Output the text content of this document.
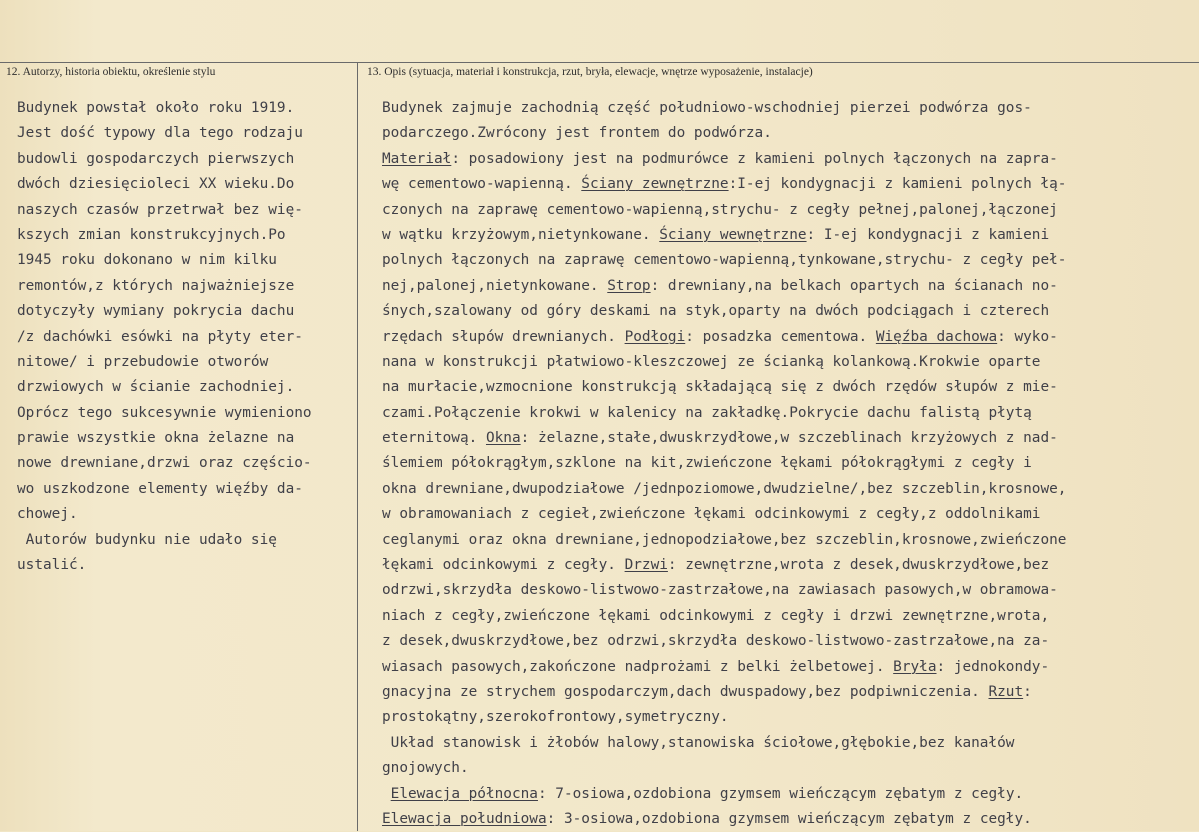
12. Autorzy, historia obiektu, określenie stylu	13. Opis (sytuacja, materiał i konstrukcja, rzut, bryła, elewacje, wnętrze wyposażenie, instalacje)
Budynek powstał około roku 1919.
Jest dość typowy dla tego rodzaju
budowli gospodarczych pierwszych
dwóch dziesięcioleci XX wieku.Do
naszych czasów przetrwał bez wię-
kszych zmian konstrukcyjnych.Po
1945 roku dokonano w nim kilku
remontów,z których najważniejsze
dotyczyły wymiany pokrycia dachu
/z dachówki esówki na płyty eter-
nitowe/ i przebudowie otworów
drzwiowych w ścianie zachodniej.
Oprócz tego sukcesywnie wymieniono
prawie wszystkie okna żelazne na
nowe drewniane,drzwi oraz częścio-
wo uszkodzone elementy więźby da-
chowej.
Autorów budynku nie udało się
ustalić.
Budynek zajmuje zachodnią część południowo-wschodniej pierzei podwórza gos-
podarczego.Zwrócony jest frontem do podwórza.
Materiał: posadowiony jest na podmurówce z kamieni polnych łączonych na zapra-
wę cementowo-wapienną. Ściany zewnętrzne:I-ej kondygnacji z kamieni polnych łą-
czonych na zaprawę cementowo-wapienną,strychu- z cegły pełnej,palonej,łączonej
w wątku krzyżowym,nietynkowane. Ściany wewnętrzne: I-ej kondygnacji z kamieni
polnych łączonych na zaprawę cementowo-wapienną,tynkowane,strychu- z cegły peł-
nej,palonej,nietynkowane. Strop: drewniany,na belkach opartych na ścianach no-
śnych,szalowany od góry deskami na styk,oparty na dwóch podciągach i czterech
rzędach słupów drewnianych. Podłogi: posadzka cementowa. Więźba dachowa: wyko-
nana w konstrukcji płatwiowo-kleszczowej ze ścianką kolankową.Krokwie oparte
na murłacie,wzmocnione konstrukcją składającą się z dwóch rzędów słupów z mie-
czami.Połączenie krokwi w kalenicy na zakładkę.Pokrycie dachu falistą płytą
eternitową. Okna: żelazne,stałe,dwuskrzydłowe,w szczeblinach krzyżowych z nad-
ślemiem półokrągłym,szklone na kit,zwieńczone łękami półokrągłymi z cegły i
okna drewniane,dwupodziałowe /jednpoziomowe,dwudzielne/,bez szczeblin,krosnowe,
w obramowaniach z cegieł,zwieńczone łękami odcinkowymi z cegły,z oddolnikami
ceglanymi oraz okna drewniane,jednopodziałowe,bez szczeblin,krosnowe,zwieńczone
łękami odcinkowymi z cegły. Drzwi: zewnętrzne,wrota z desek,dwuskrzydłowe,bez
odrzwi,skrzydła deskowo-listwowo-zastrzałowe,na zawiasach pasowych,w obramowa-
niach z cegły,zwieńczone łękami odcinkowymi z cegły i drzwi zewnętrzne,wrota,
z desek,dwuskrzydłowe,bez odrzwi,skrzydła deskowo-listwowo-zastrzałowe,na za-
wiasach pasowych,zakończone nadprożami z belki żelbetowej. Bryła: jednokondy-
gnacyjna ze strychem gospodarczym,dach dwuspadowy,bez podpiwniczenia. Rzut:
prostokątny,szerokofrontowy,symetryczny.
Układ stanowisk i żłobów halowy,stanowiska ściołowe,głębokie,bez kanałów
gnojowych.
Elewacja północna: 7-osiowa,ozdobiona gzymsem wieńczącym zębatym z cegły.
Elewacja południowa: 3-osiowa,ozdobiona gzymsem wieńczącym zębatym z cegły.
